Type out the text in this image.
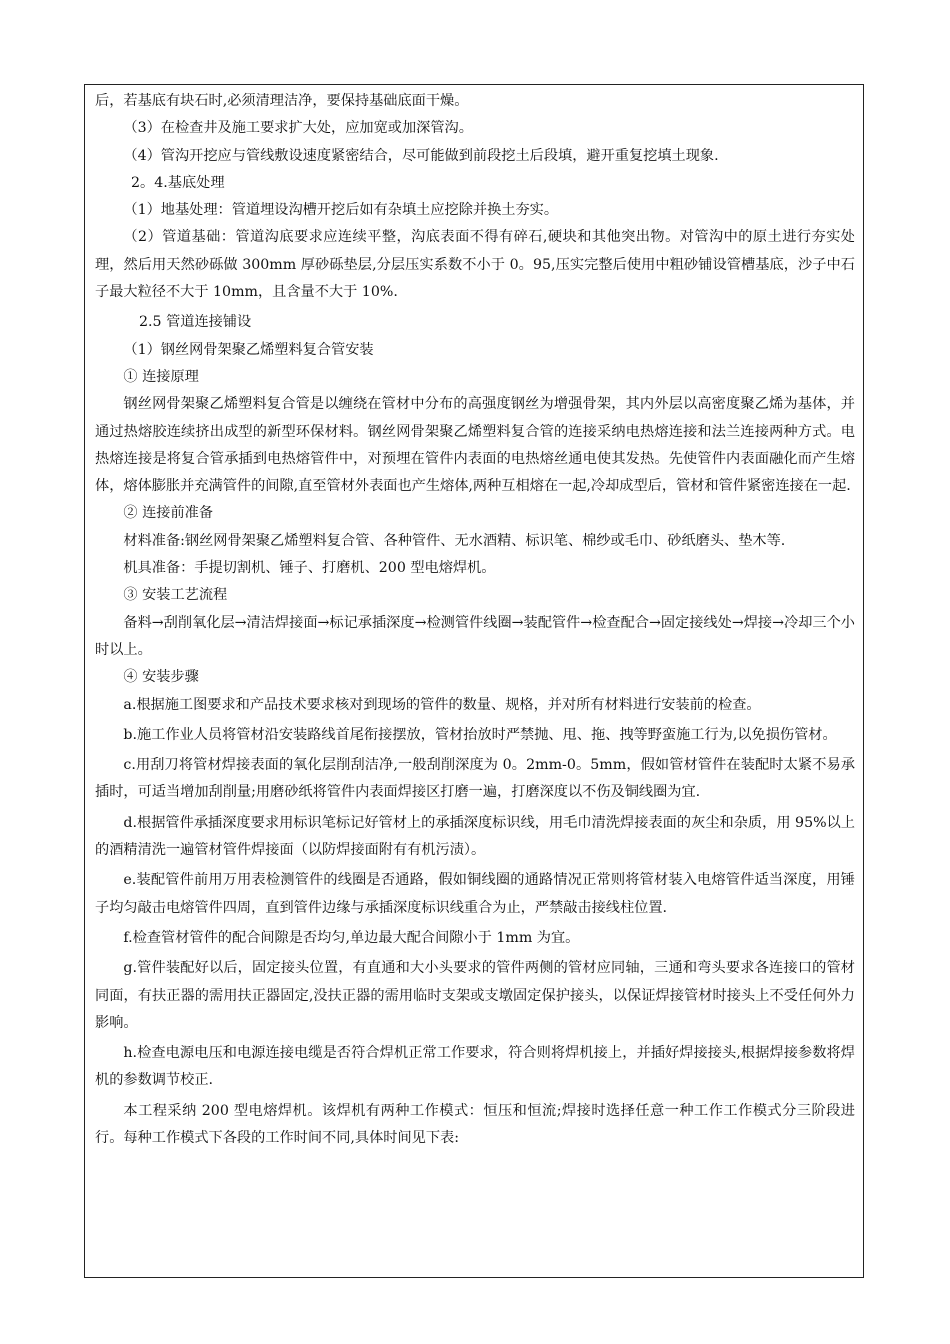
后，若基底有块石时,必须清理洁净，要保持基础底面干燥。

（3）在检查井及施工要求扩大处，应加宽或加深管沟。

（4）管沟开挖应与管线敷设速度紧密结合，尽可能做到前段挖土后段填，避开重复挖填土现象.

2。4.基底处理

（1）地基处理：管道埋设沟槽开挖后如有杂填土应挖除并换土夯实。

（2）管道基础：管道沟底要求应连续平整，沟底表面不得有碎石,硬块和其他突出物。对管沟中的原土进行夯实处理，然后用天然砂砾做 300mm 厚砂砾垫层,分层压实系数不小于 0。95,压实完整后使用中粗砂铺设管槽基底，沙子中石子最大粒径不大于 10mm，且含量不大于 10%.

2.5 管道连接铺设

（1）钢丝网骨架聚乙烯塑料复合管安装

① 连接原理

钢丝网骨架聚乙烯塑料复合管是以缠绕在管材中分布的高强度钢丝为增强骨架，其内外层以高密度聚乙烯为基体，并通过热熔胶连续挤出成型的新型环保材料。钢丝网骨架聚乙烯塑料复合管的连接采纳电热熔连接和法兰连接两种方式。电热熔连接是将复合管承插到电热熔管件中，对预埋在管件内表面的电热熔丝通电使其发热。先使管件内表面融化而产生熔体，熔体膨胀并充满管件的间隙,直至管材外表面也产生熔体,两种互相熔在一起,冷却成型后，管材和管件紧密连接在一起.

② 连接前准备

材料准备:钢丝网骨架聚乙烯塑料复合管、各种管件、无水酒精、标识笔、棉纱或毛巾、砂纸磨头、垫木等.

机具准备：手提切割机、锤子、打磨机、200 型电熔焊机。

③ 安装工艺流程

备料→刮削氧化层→清洁焊接面→标记承插深度→检测管件线圈→装配管件→检查配合→固定接线处→焊接→冷却三个小时以上。

④ 安装步骤

a.根据施工图要求和产品技术要求核对到现场的管件的数量、规格，并对所有材料进行安装前的检查。

b.施工作业人员将管材沿安装路线首尾衔接摆放，管材抬放时严禁抛、甩、拖、拽等野蛮施工行为,以免损伤管材。

c.用刮刀将管材焊接表面的氧化层削刮洁净,一般刮削深度为 0。2mm-0。5mm，假如管材管件在装配时太紧不易承插时，可适当增加刮削量;用磨砂纸将管件内表面焊接区打磨一遍，打磨深度以不伤及铜线圈为宜.

d.根据管件承插深度要求用标识笔标记好管材上的承插深度标识线，用毛巾清洗焊接表面的灰尘和杂质，用 95%以上的酒精清洗一遍管材管件焊接面（以防焊接面附有有机污渍）。

e.装配管件前用万用表检测管件的线圈是否通路，假如铜线圈的通路情况正常则将管材装入电熔管件适当深度，用锤子均匀敲击电熔管件四周，直到管件边缘与承插深度标识线重合为止，严禁敲击接线柱位置.

f.检查管材管件的配合间隙是否均匀,单边最大配合间隙小于 1mm 为宜。

g.管件装配好以后，固定接头位置，有直通和大小头要求的管件两侧的管材应同轴，三通和弯头要求各连接口的管材同面，有扶正器的需用扶正器固定,没扶正器的需用临时支架或支墩固定保护接头，以保证焊接管材时接头上不受任何外力影响。

h.检查电源电压和电源连接电缆是否符合焊机正常工作要求，符合则将焊机接上，并插好焊接接头,根据焊接参数将焊机的参数调节校正.

本工程采纳 200 型电熔焊机。该焊机有两种工作模式：恒压和恒流;焊接时选择任意一种工作工作模式分三阶段进行。每种工作模式下各段的工作时间不同,具体时间见下表:
